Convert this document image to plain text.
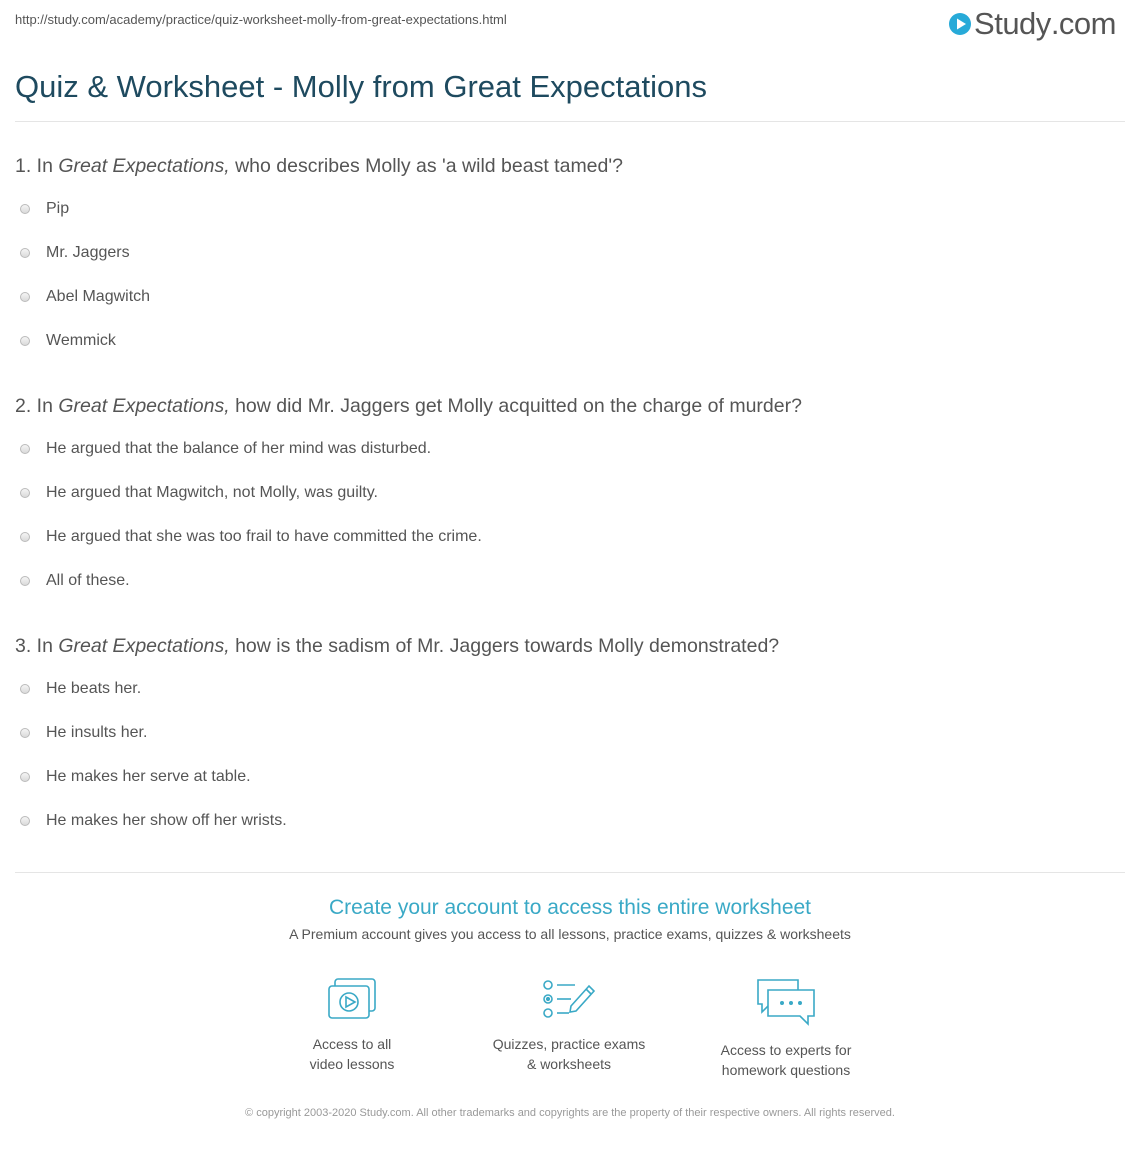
http://study.com/academy/practice/quiz-worksheet-molly-from-great-expectations.html	Study .com
Quiz & Worksheet - Molly from Great Expectations
1. In Great Expectations, who describes Molly as 'a wild beast tamed'?
Pip
Mr. Jaggers
Abel Magwitch
Wemmick
2. In Great Expectations, how did Mr. Jaggers get Molly acquitted on the charge of murder?
He argued that the balance of her mind was disturbed.
He argued that Magwitch, not Molly, was guilty.
He argued that she was too frail to have committed the crime.
All of these.
3. In Great Expectations, how is the sadism of Mr. Jaggers towards Molly demonstrated?
He beats her.
He insults her.
He makes her serve at table.
He makes her show off her wrists.
Create your account to access this entire worksheet
A Premium account gives you access to all lessons, practice exams, quizzes & worksheets
Access to all
video lessons
Quizzes, practice exams
& worksheets
Access to experts for
homework questions
© copyright 2003-2020 Study.com. All other trademarks and copyrights are the property of their respective owners. All rights reserved.
